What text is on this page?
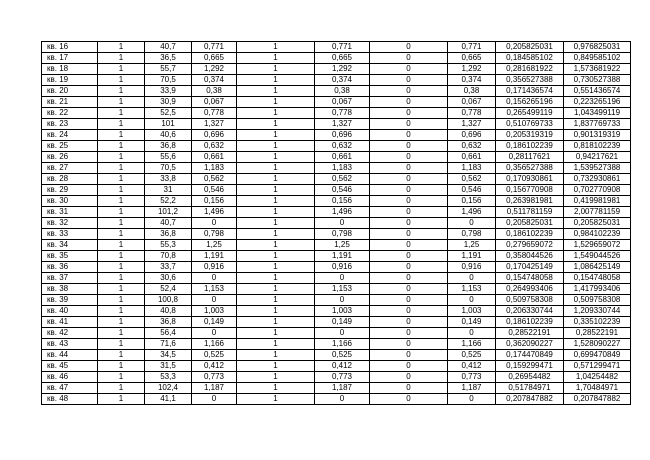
кв. 16	1	40,7	0,771	1	0,771	0	0,771	0,205825031	0,976825031
кв. 17	1	36,5	0,665	1	0,665	0	0,665	0,184585102	0,849585102
кв. 18	1	55,7	1,292	1	1,292	0	1,292	0,281681922	1,573681922
кв. 19	1	70,5	0,374	1	0,374	0	0,374	0,356527388	0,730527388
кв. 20	1	33,9	0,38	1	0,38	0	0,38	0,171436574	0,551436574
кв. 21	1	30,9	0,067	1	0,067	0	0,067	0,156265196	0,223265196
кв. 22	1	52,5	0,778	1	0,778	0	0,778	0,265499119	1,043499119
кв. 23	1	101	1,327	1	1,327	0	1,327	0,510769733	1,837769733
кв. 24	1	40,6	0,696	1	0,696	0	0,696	0,205319319	0,901319319
кв. 25	1	36,8	0,632	1	0,632	0	0,632	0,186102239	0,818102239
кв. 26	1	55,6	0,661	1	0,661	0	0,661	0,28117621	0,94217621
кв. 27	1	70,5	1,183	1	1,183	0	1,183	0,356527388	1,539527388
кв. 28	1	33,8	0,562	1	0,562	0	0,562	0,170930861	0,732930861
кв. 29	1	31	0,546	1	0,546	0	0,546	0,156770908	0,702770908
кв. 30	1	52,2	0,156	1	0,156	0	0,156	0,263981981	0,419981981
кв. 31	1	101,2	1,496	1	1,496	0	1,496	0,511781159	2,007781159
кв. 32	1	40,7	0	1	0	0	0	0,205825031	0,205825031
кв. 33	1	36,8	0,798	1	0,798	0	0,798	0,186102239	0,984102239
кв. 34	1	55,3	1,25	1	1,25	0	1,25	0,279659072	1,529659072
кв. 35	1	70,8	1,191	1	1,191	0	1,191	0,358044526	1,549044526
кв. 36	1	33,7	0,916	1	0,916	0	0,916	0,170425149	1,086425149
кв. 37	1	30,6	0	1	0	0	0	0,154748058	0,154748058
кв. 38	1	52,4	1,153	1	1,153	0	1,153	0,264993406	1,417993406
кв. 39	1	100,8	0	1	0	0	0	0,509758308	0,509758308
кв. 40	1	40,8	1,003	1	1,003	0	1,003	0,206330744	1,209330744
кв. 41	1	36,8	0,149	1	0,149	0	0,149	0,186102239	0,335102239
кв. 42	1	56,4	0	1	0	0	0	0,28522191	0,28522191
кв. 43	1	71,6	1,166	1	1,166	0	1,166	0,362090227	1,528090227
кв. 44	1	34,5	0,525	1	0,525	0	0,525	0,174470849	0,699470849
кв. 45	1	31,5	0,412	1	0,412	0	0,412	0,159299471	0,571299471
кв. 46	1	53,3	0,773	1	0,773	0	0,773	0,26954482	1,04254482
кв. 47	1	102,4	1,187	1	1,187	0	1,187	0,51784971	1,70484971
кв. 48	1	41,1	0	1	0	0	0	0,207847882	0,207847882
